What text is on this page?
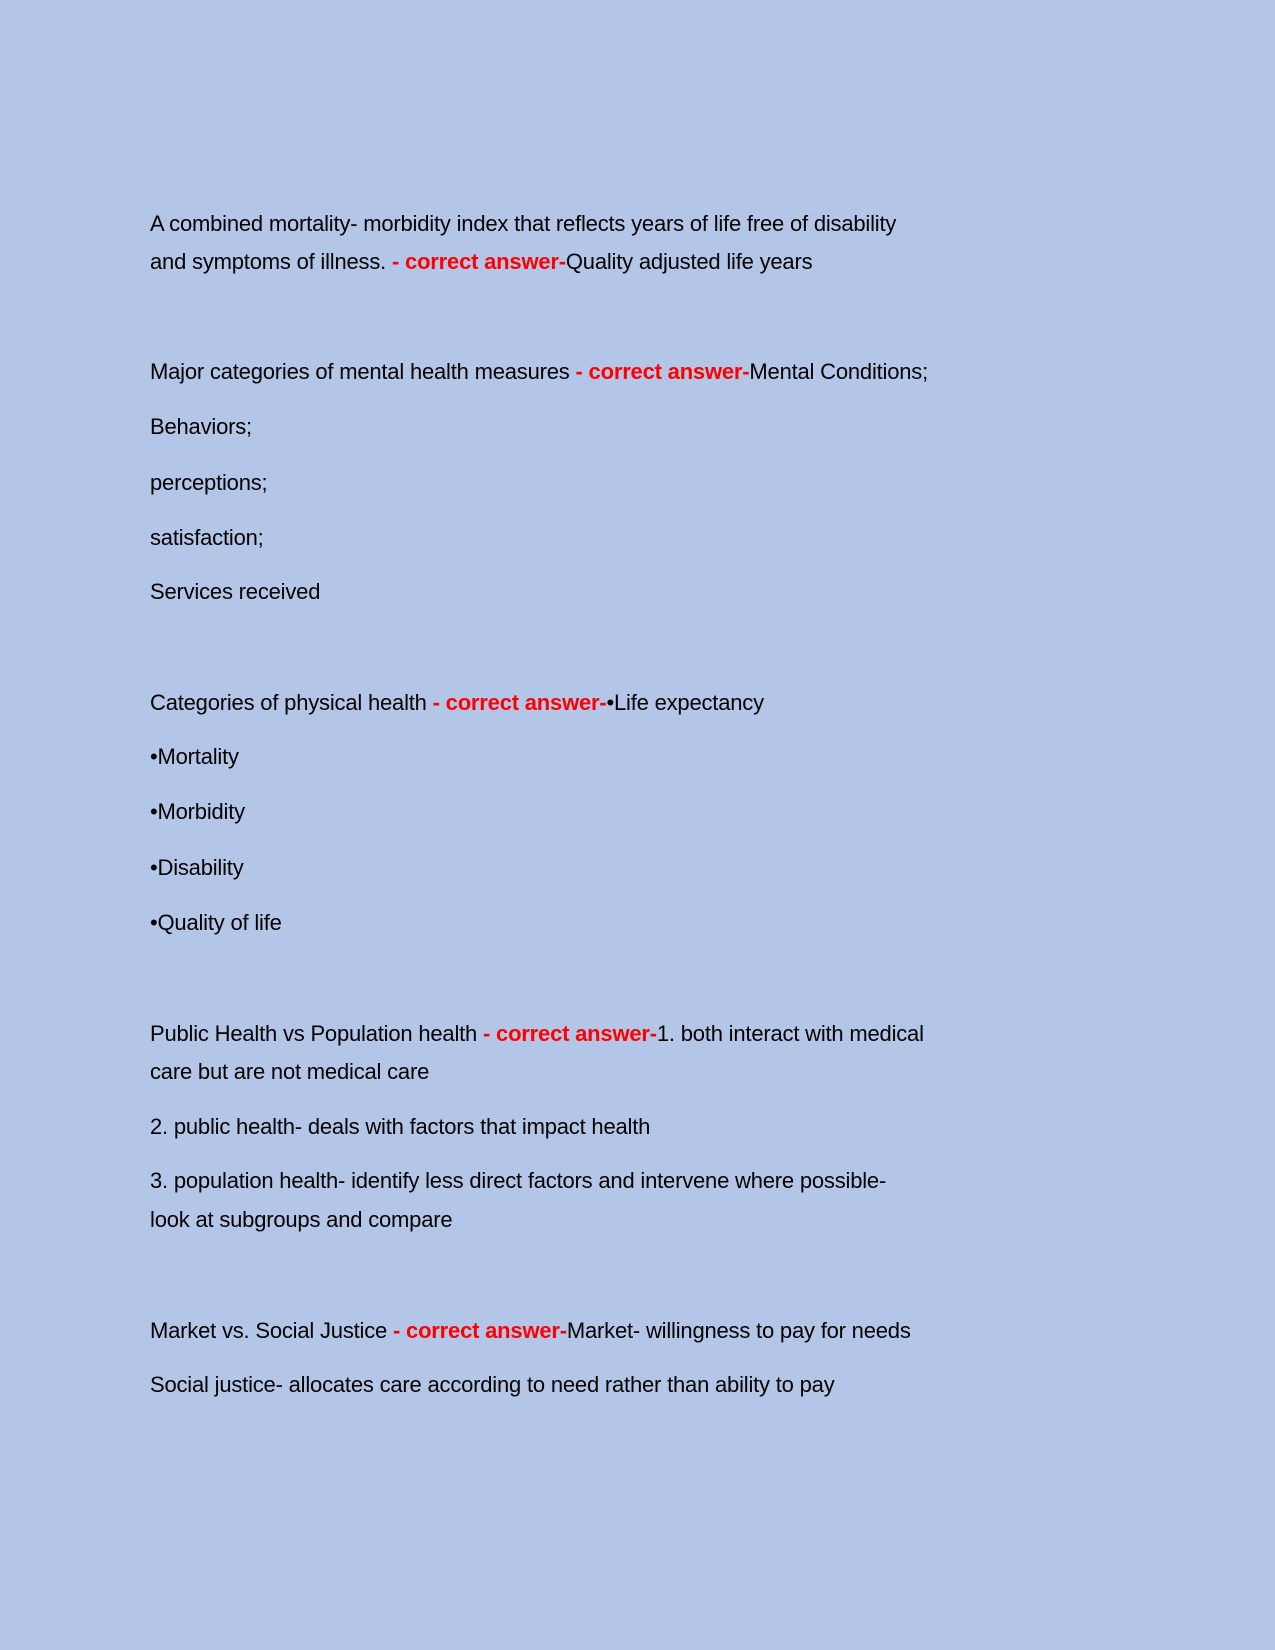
A combined mortality- morbidity index that reflects years of life free of disability
and symptoms of illness. - correct answer-Quality adjusted life years
Major categories of mental health measures - correct answer-Mental Conditions;
Behaviors;
perceptions;
satisfaction;
Services received
Categories of physical health - correct answer-•Life expectancy
•Mortality
•Morbidity
•Disability
•Quality of life
Public Health vs Population health - correct answer-1. both interact with medical
care but are not medical care
2. public health- deals with factors that impact health
3. population health- identify less direct factors and intervene where possible-
look at subgroups and compare
Market vs. Social Justice - correct answer-Market- willingness to pay for needs
Social justice- allocates care according to need rather than ability to pay
